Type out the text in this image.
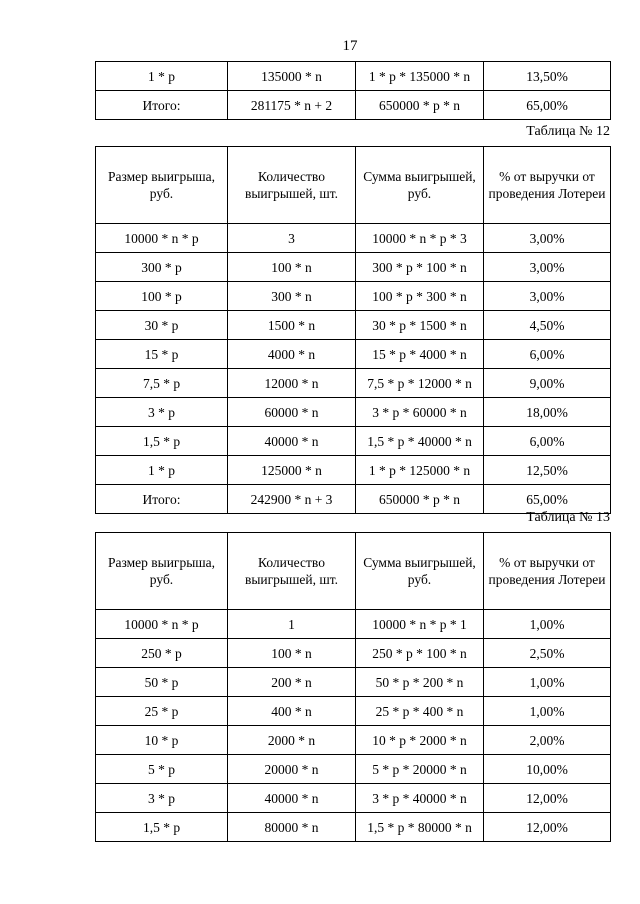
17
1 * р	135000 * n	1 * р * 135000 * n	13,50%
Итого:	281175 * n + 2	650000 * р * n	65,00%
Таблица № 12
Размер выигрыша, руб.	Количество выигрышей, шт.	Сумма выигрышей, руб.	% от выручки от проведения Лотереи
10000 * n * р	3	10000 * n * р * 3	3,00%
300 * р	100 * n	300 * р * 100 * n	3,00%
100 * р	300 * n	100 * р * 300 * n	3,00%
30 * р	1500 * n	30 * р * 1500 * n	4,50%
15 * р	4000 * n	15 * р * 4000 * n	6,00%
7,5 * р	12000 * n	7,5 * р * 12000 * n	9,00%
3 * р	60000 * n	3 * р * 60000 * n	18,00%
1,5 * р	40000 * n	1,5 * р * 40000 * n	6,00%
1 * р	125000 * n	1 * р * 125000 * n	12,50%
Итого:	242900 * n + 3	650000 * р * n	65,00%
Таблица № 13
Размер выигрыша, руб.	Количество выигрышей, шт.	Сумма выигрышей, руб.	% от выручки от проведения Лотереи
10000 * n * р	1	10000 * n * р * 1	1,00%
250 * р	100 * n	250 * р * 100 * n	2,50%
50 * р	200 * n	50 * р * 200 * n	1,00%
25 * р	400 * n	25 * р * 400 * n	1,00%
10 * р	2000 * n	10 * р * 2000 * n	2,00%
5 * р	20000 * n	5 * р * 20000 * n	10,00%
3 * р	40000 * n	3 * р * 40000 * n	12,00%
1,5 * р	80000 * n	1,5 * р * 80000 * n	12,00%
